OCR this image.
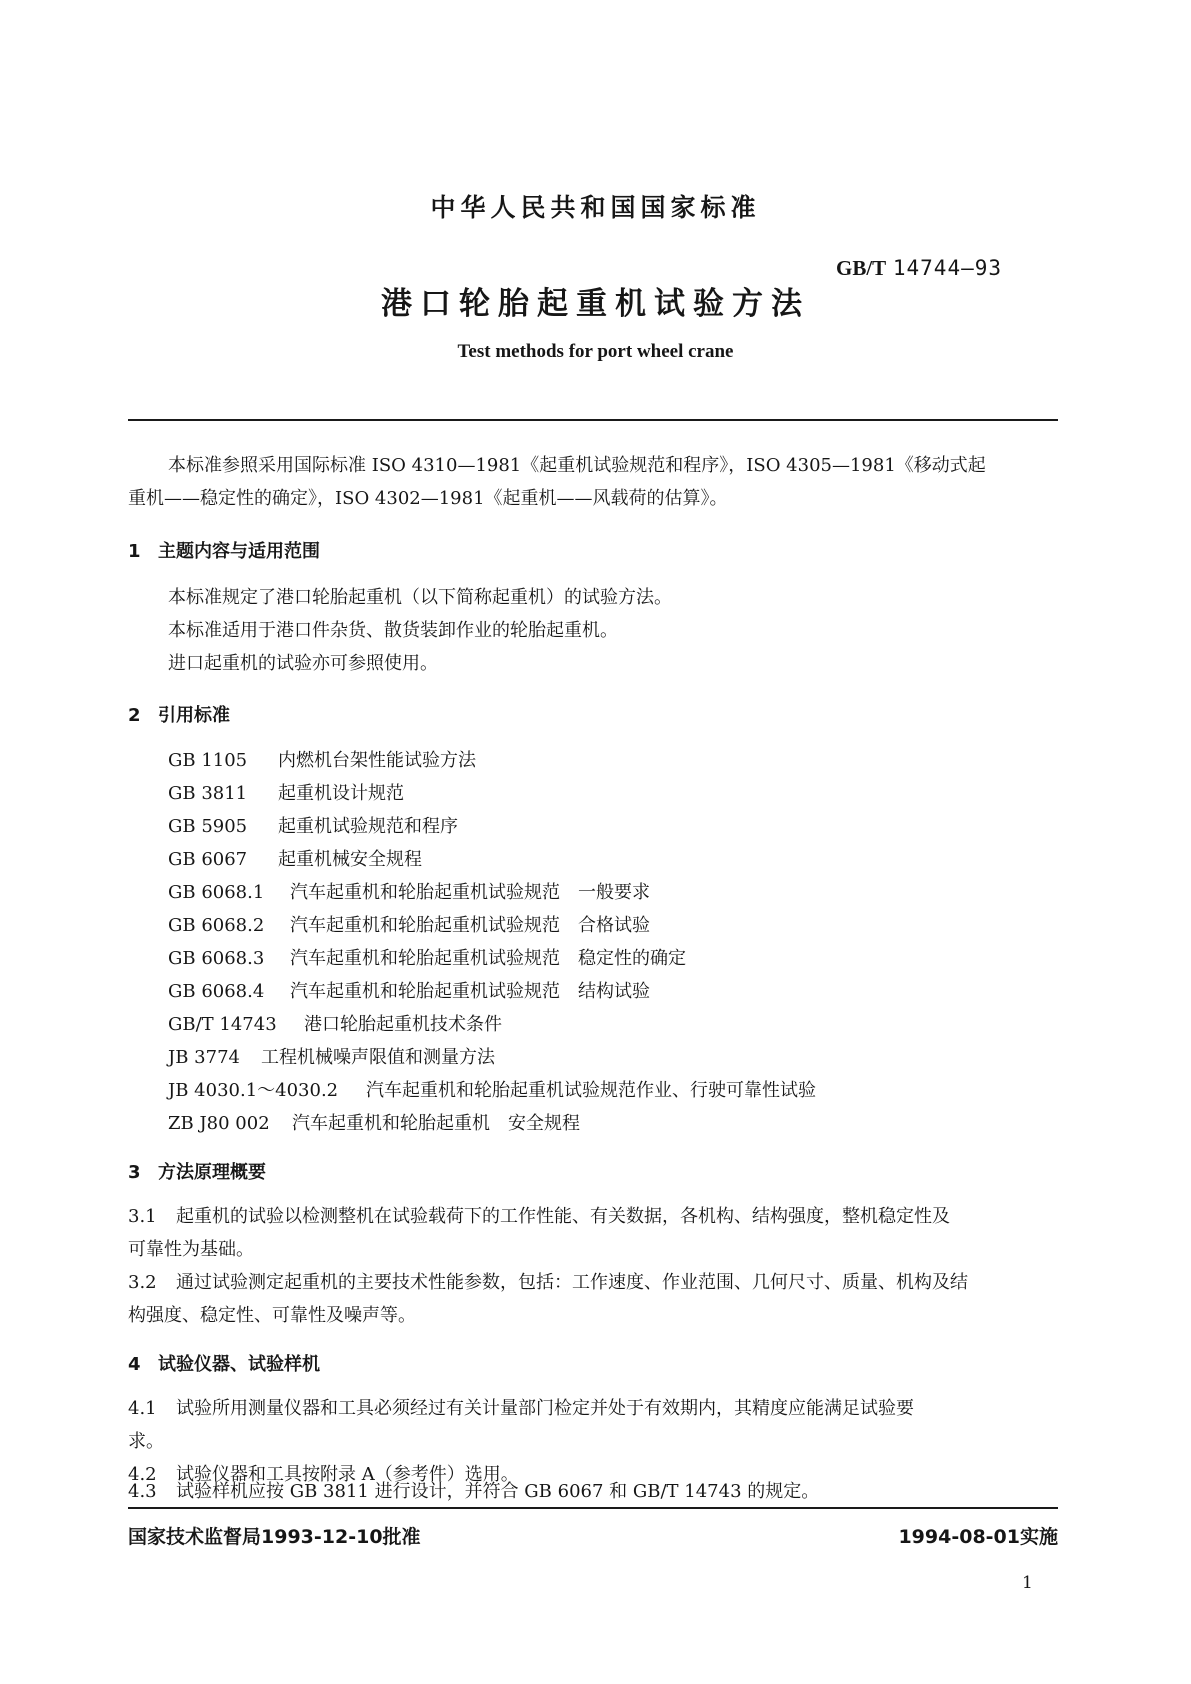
中华人民共和国国家标准
GB/T 14744—93
港口轮胎起重机试验方法
Test methods for port wheel crane
本标准参照采用国际标准 ISO 4310—1981《起重机试验规范和程序》，ISO 4305—1981《移动式起
重机——稳定性的确定》，ISO 4302—1981《起重机——风载荷的估算》。
1 主题内容与适用范围
本标准规定了港口轮胎起重机（以下简称起重机）的试验方法。
本标准适用于港口件杂货、散货装卸作业的轮胎起重机。
进口起重机的试验亦可参照使用。
2 引用标准
GB 1105 内燃机台架性能试验方法
GB 3811 起重机设计规范
GB 5905 起重机试验规范和程序
GB 6067 起重机械安全规程
GB 6068.1 汽车起重机和轮胎起重机试验规范　一般要求
GB 6068.2 汽车起重机和轮胎起重机试验规范　合格试验
GB 6068.3 汽车起重机和轮胎起重机试验规范　稳定性的确定
GB 6068.4 汽车起重机和轮胎起重机试验规范　结构试验
GB/T 14743 港口轮胎起重机技术条件
JB 3774 工程机械噪声限值和测量方法
JB 4030.1～4030.2 汽车起重机和轮胎起重机试验规范作业、行驶可靠性试验
ZB J80 002 汽车起重机和轮胎起重机　安全规程
3 方法原理概要
3.1 起重机的试验以检测整机在试验载荷下的工作性能、有关数据，各机构、结构强度，整机稳定性及
可靠性为基础。
3.2 通过试验测定起重机的主要技术性能参数，包括：工作速度、作业范围、几何尺寸、质量、机构及结
构强度、稳定性、可靠性及噪声等。
4 试验仪器、试验样机
4.1 试验所用测量仪器和工具必须经过有关计量部门检定并处于有效期内，其精度应能满足试验要
求。
4.2 试验仪器和工具按附录 A（参考件）选用。
4.3 试验样机应按 GB 3811 进行设计，并符合 GB 6067 和 GB/T 14743 的规定。
国家技术监督局1993-12-10批准	1994-08-01实施
1
